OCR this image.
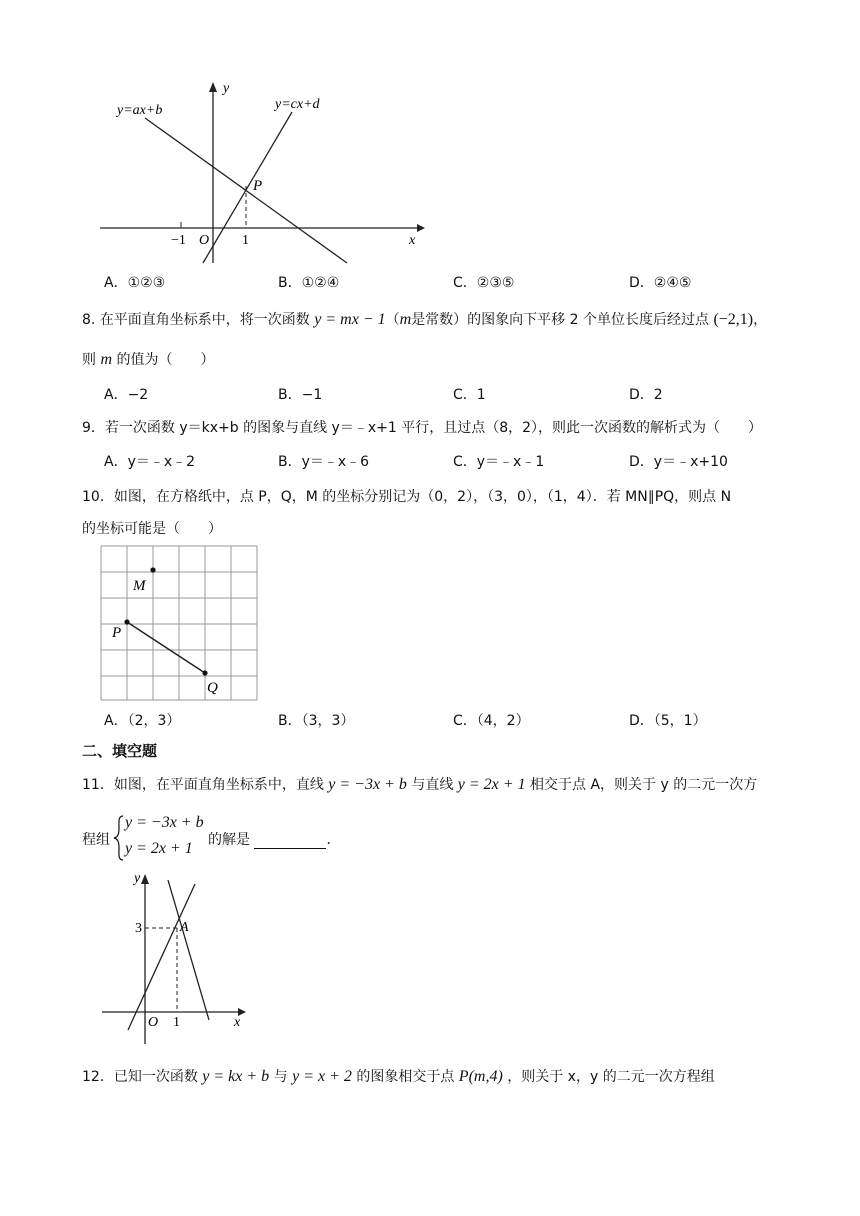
y=ax+b	y=cx+d
y
x
P
O
−1	1
A．①②③	B．①②④	C．②③⑤	D．②④⑤
8. 在平面直角坐标系中，将一次函数 y = mx − 1（m是常数）的图象向下平移 2 个单位长度后经过点 (−2,1)，
则 m 的值为（　　）
A．−2	B．−1	C．1	D．2
9．若一次函数 y＝kx+b 的图象与直线 y＝﹣x+1 平行，且过点（8，2），则此一次函数的解析式为（　　）
A．y＝﹣x﹣2	B．y＝﹣x﹣6	C．y＝﹣x﹣1	D．y＝﹣x+10
10．如图，在方格纸中，点 P，Q，M 的坐标分别记为（0，2），（3，0），（1，4）．若 MN∥PQ，则点 N
的坐标可能是（　　）
M
P
Q
A．（2，3）	B．（3，3）	C．（4，2）	D．（5，1）
二、填空题
11．如图，在平面直角坐标系中，直线 y = −3x + b 与直线 y = 2x + 1 相交于点 A，则关于 y 的二元一次方
程组
y = −3x + b
y = 2x + 1 的解是	．
y
x
3	A
O 1
12．已知一次函数 y = kx + b 与 y = x + 2 的图象相交于点 P(m,4) ，则关于 x，y 的二元一次方程组
